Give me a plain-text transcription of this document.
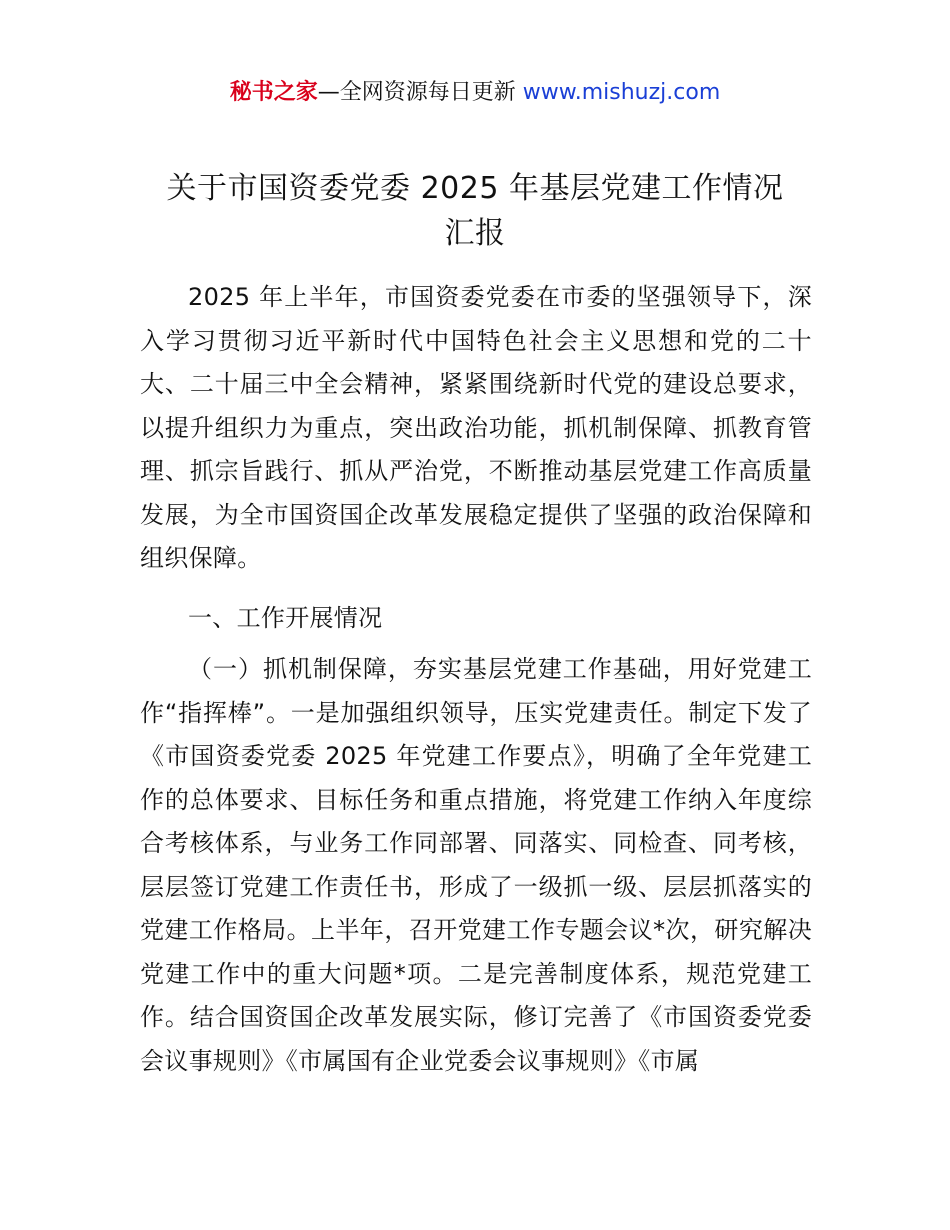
秘书之家—全网资源每日更新 www.mishuzj.com
关于市国资委党委 2025 年基层党建工作情况
汇报

2025 年上半年，市国资委党委在市委的坚强领导下，深入学习贯彻习近平新时代中国特色社会主义思想和党的二十大、二十届三中全会精神，紧紧围绕新时代党的建设总要求，以提升组织力为重点，突出政治功能，抓机制保障、抓教育管理、抓宗旨践行、抓从严治党，不断推动基层党建工作高质量发展，为全市国资国企改革发展稳定提供了坚强的政治保障和组织保障。

一、工作开展情况

（一）抓机制保障，夯实基层党建工作基础，用好党建工作“指挥棒”。一是加强组织领导，压实党建责任。制定下发了《市国资委党委 2025 年党建工作要点》，明确了全年党建工作的总体要求、目标任务和重点措施，将党建工作纳入年度综合考核体系，与业务工作同部署、同落实、同检查、同考核，层层签订党建工作责任书，形成了一级抓一级、层层抓落实的党建工作格局。上半年，召开党建工作专题会议*次，研究解决党建工作中的重大问题*项。二是完善制度体系，规范党建工作。结合国资国企改革发展实际，修订完善了《市国资委党委会议事规则》《市属国有企业党委会议事规则》《市属
